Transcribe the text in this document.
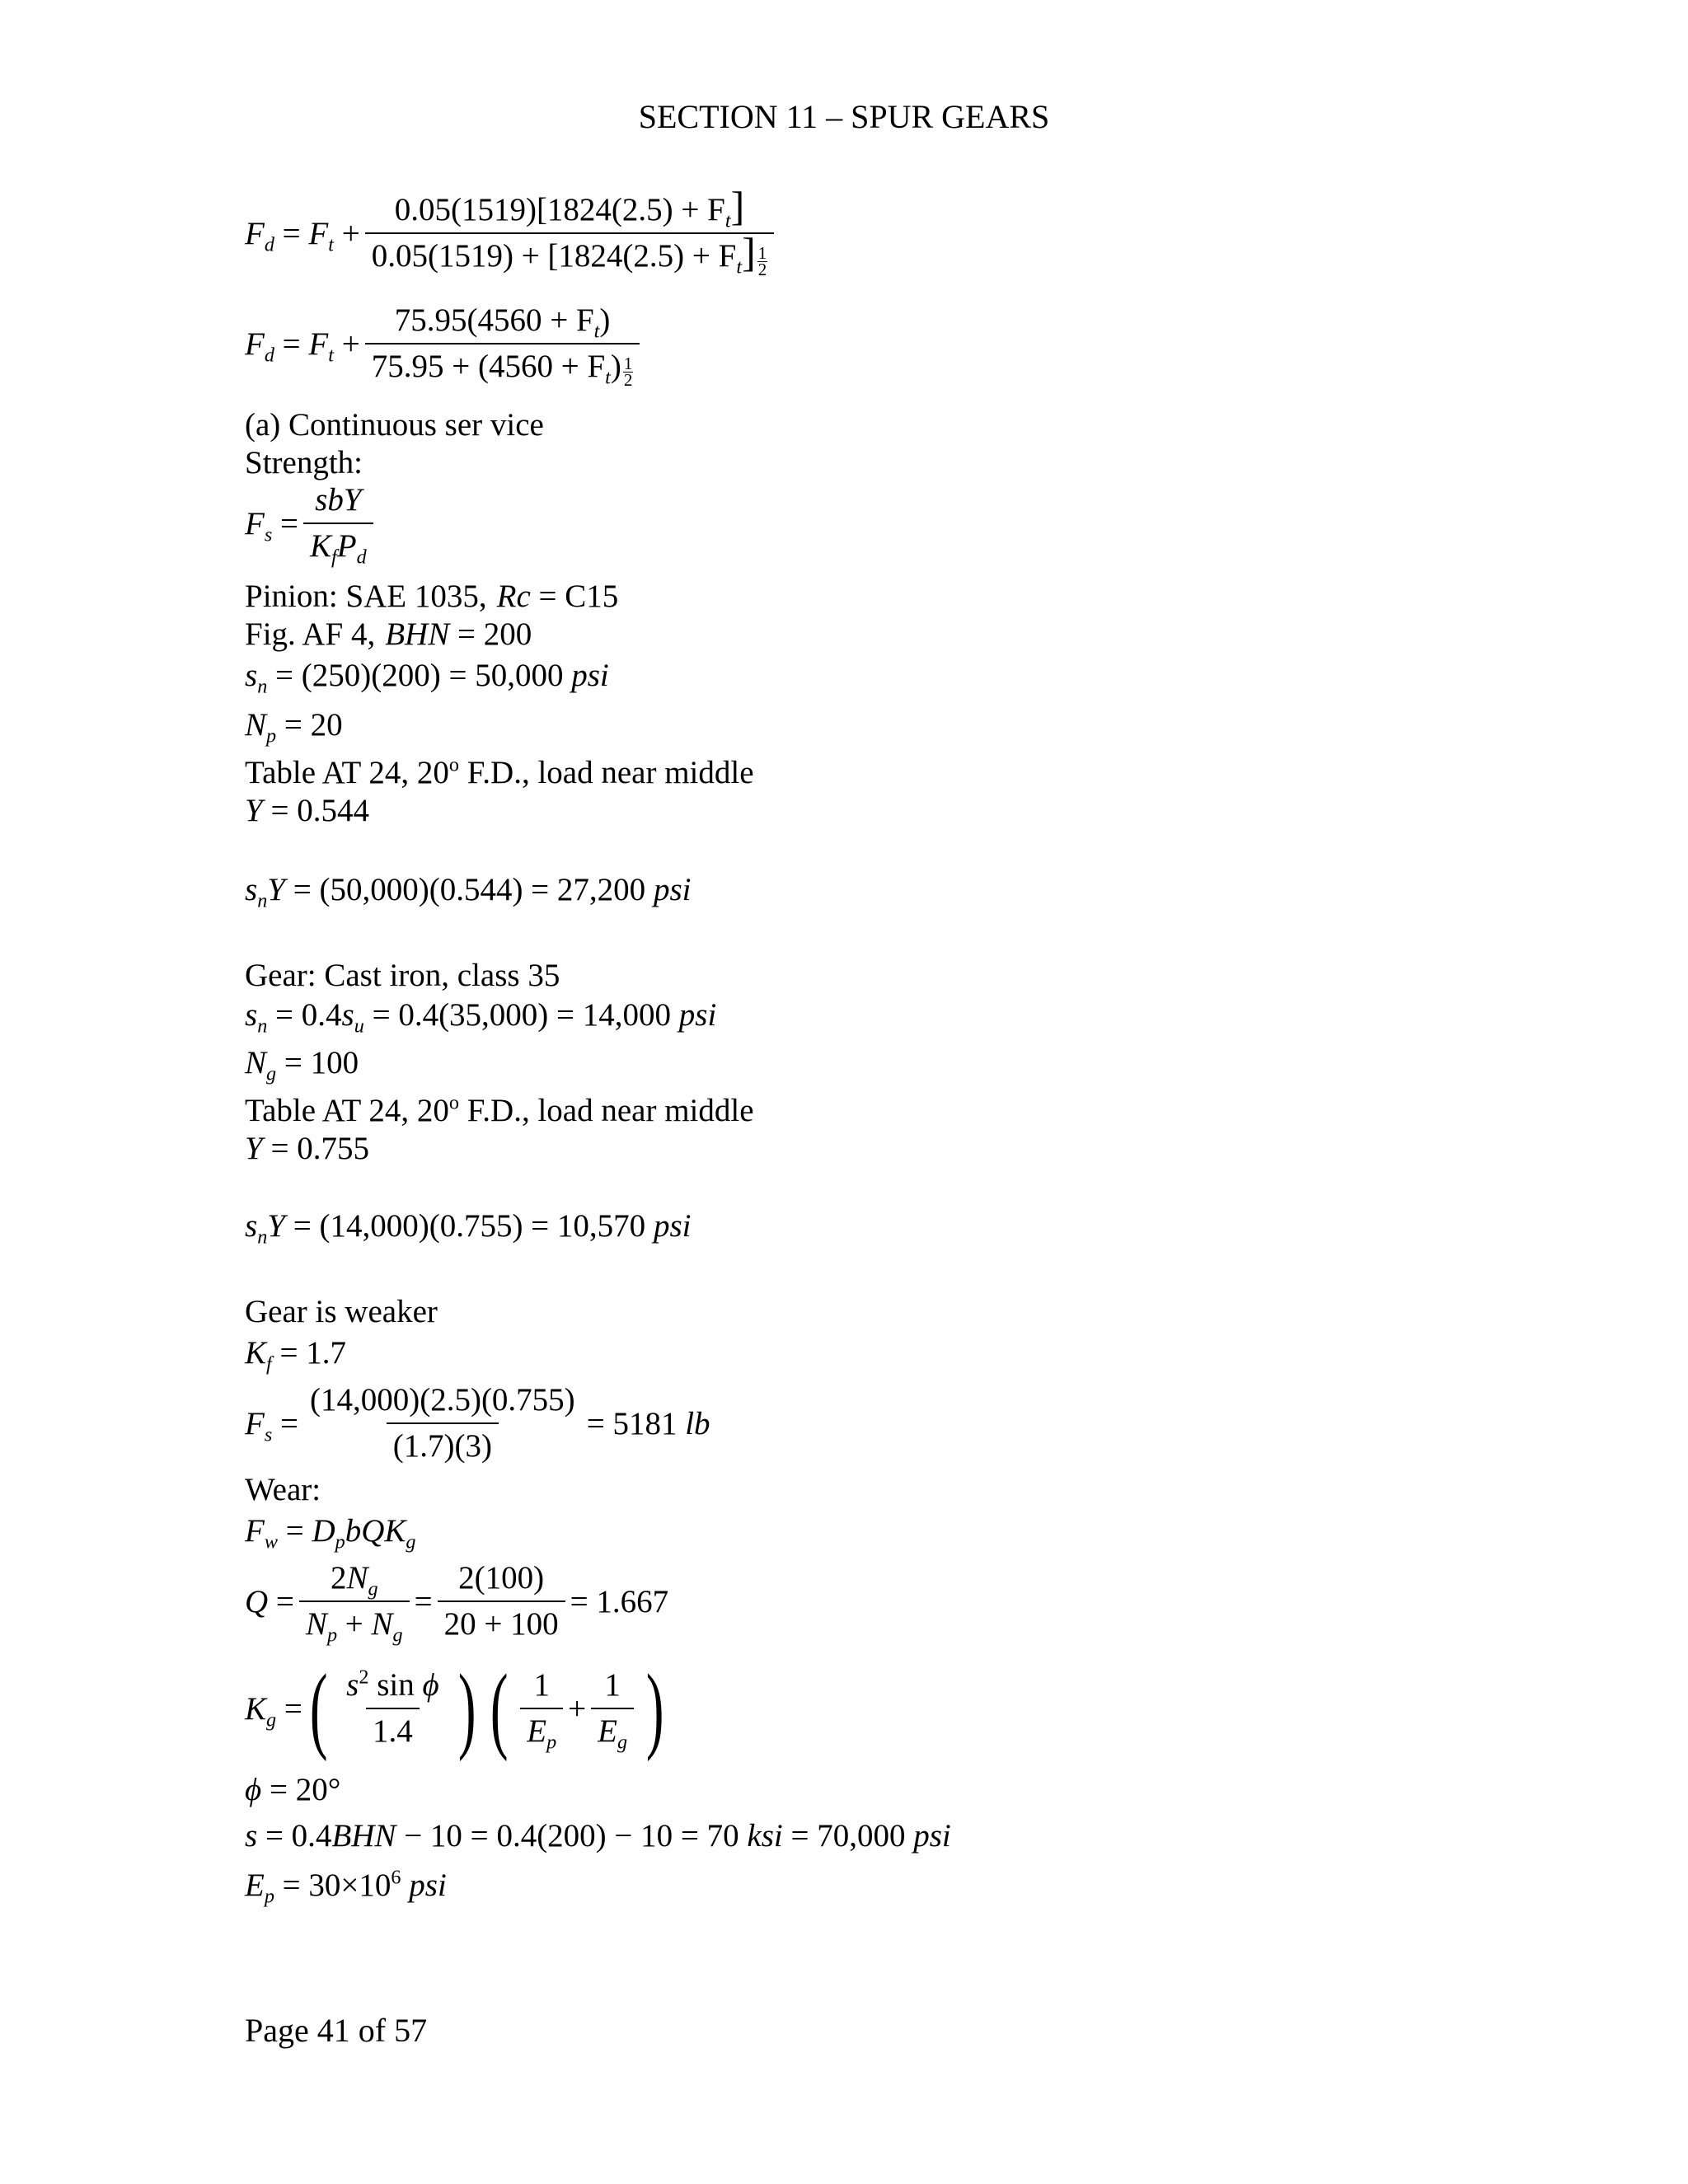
SECTION 11 – SPUR GEARS
$F_d = F_t + \frac{0.05(1519)[1824(2.5) + F_t]}{0.05(1519) + [1824(2.5) + F_t] \frac{1}{2}}$
$F_d = F_t + \frac{75.95(4560 + F_t)}{75.95 + (4560 + F_t) \frac{1}{2}}$
(a) Continuous ser vice
Strength:
$F_s = \frac{\text{sbY}}{K_fP_d}$
Pinion: SAE 1035, Rc = C15
Fig. AF 4, BHN = 200
$s_n = (250)(200) = 50,000$ psi
$N_p = 20$
Table AT 24, 20$^o$ F.D., load near middle
Y = 0.544
$s_nY = (50,000)(0.544) = 27,200$ psi
Gear: Cast iron, class 35
$s_n = 0.4s_u = 0.4(35,000) = 14,000$ psi
$N_g = 100$
Table AT 24, 20$^o$ F.D., load near middle
Y = 0.755
$s_nY = (14,000)(0.755) = 10,570$ psi
Gear is weaker
$K_f = 1.7$
$F_s = \frac{(14,000)(2.5)(0.755)}{(1.7)(3)} = 5181$ lb
Wear:
$F_w = D_pbQK_g$
$Q = \frac{2N_g}{N_p + N_g} = \frac{2(100)}{20 + 100} = 1.667$
$K_g$ = ( $\frac{s^2 \sin \phi}{1.4}$ ) ( $\frac{1}{E_p} + \frac{1}{E_g}$ )
ϕ = 20°
s = 0.4BHN − 10 = 0.4(200) − 10 = 70 ksi = 70,000 psi
$E_p = 30\times 10^6$ psi
Page 41 of 57
